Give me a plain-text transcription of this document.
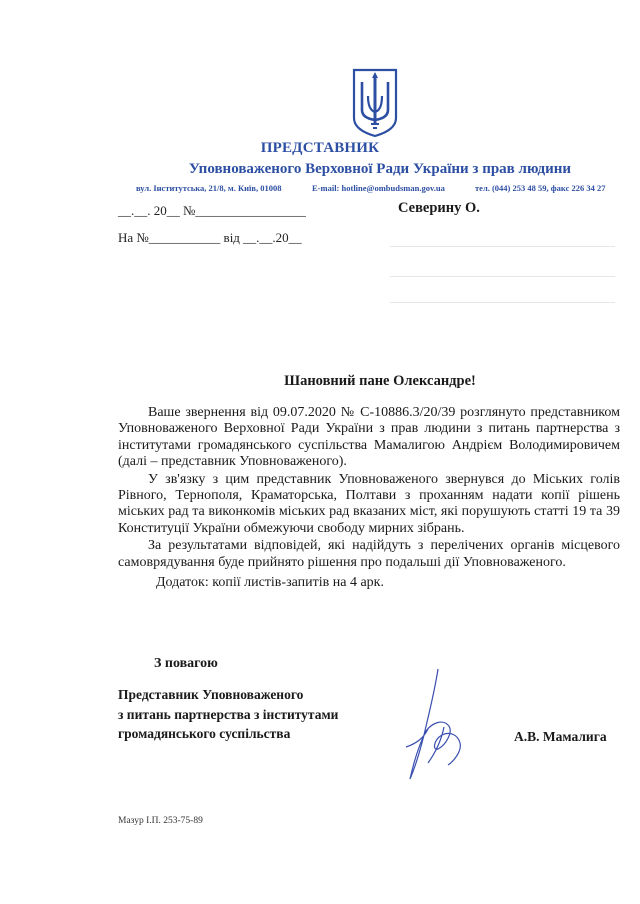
ПРЕДСТАВНИК
Уповноваженого Верховної Ради України з прав людини
вул. Інститутська, 21/8, м. Київ, 01008	E-mail: hotline@ombudsman.gov.ua	тел. (044) 253 48 59, факс 226 34 27
__.__. 20__ №_________________
На №___________ від __.__.20__
Северину О.
Шановний пане Олександре!

Ваше звернення від 09.07.2020 № С-10886.3/20/39 розглянуто представником Уповноваженого Верховної Ради України з прав людини з питань партнерства з інститутами громадянського суспільства Мамалигою Андрієм Володимировичем (далі – представник Уповноваженого).

У зв'язку з цим представник Уповноваженого звернувся до Міських голів Рівного, Тернополя, Краматорська, Полтави з проханням надати копії рішень міських рад та виконкомів міських рад вказаних міст, які порушують статті 19 та 39 Конституції України обмежуючи свободу мирних зібрань.

За результатами відповідей, які надійдуть з перелічених органів місцевого самоврядування буде прийнято рішення про подальші дії Уповноваженого.

Додаток: копії листів-запитів на 4 арк.

З повагою
Представник Уповноваженого
з питань партнерства з інститутами
громадянського суспільства	А.В. Мамалига
Мазур І.П. 253-75-89
